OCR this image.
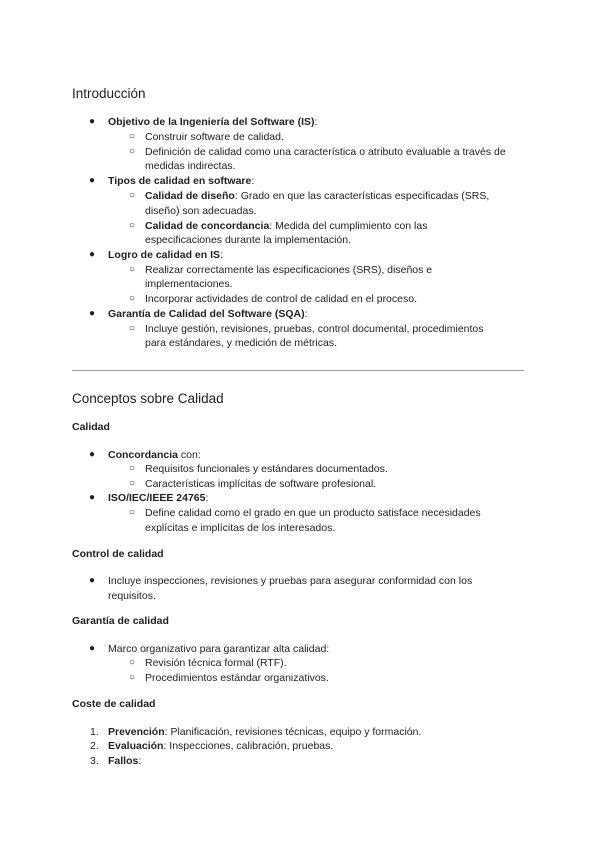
Introducción
● Objetivo de la Ingeniería del Software (IS):
○ Construir software de calidad.
○ Definición de calidad como una característica o atributo evaluable a través de
medidas indirectas.
● Tipos de calidad en software:
○ Calidad de diseño: Grado en que las características especificadas (SRS,
diseño) son adecuadas.
○ Calidad de concordancia: Medida del cumplimiento con las
especificaciones durante la implementación.
● Logro de calidad en IS:
○ Realizar correctamente las especificaciones (SRS), diseños e
implementaciones.
○ Incorporar actividades de control de calidad en el proceso.
● Garantía de Calidad del Software (SQA):
○ Incluye gestión, revisiones, pruebas, control documental, procedimientos
para estándares, y medición de métricas.
Conceptos sobre Calidad
Calidad
● Concordancia con:
○ Requisitos funcionales y estándares documentados.
○ Características implícitas de software profesional.
● ISO/IEC/IEEE 24765:
○ Define calidad como el grado en que un producto satisface necesidades
explícitas e implícitas de los interesados.
Control de calidad
● Incluye inspecciones, revisiones y pruebas para asegurar conformidad con los
requisitos.
Garantía de calidad
● Marco organizativo para garantizar alta calidad:
○ Revisión técnica formal (RTF).
○ Procedimientos estándar organizativos.
Coste de calidad
1. Prevención: Planificación, revisiones técnicas, equipo y formación.
2. Evaluación: Inspecciones, calibración, pruebas.
3. Fallos:
